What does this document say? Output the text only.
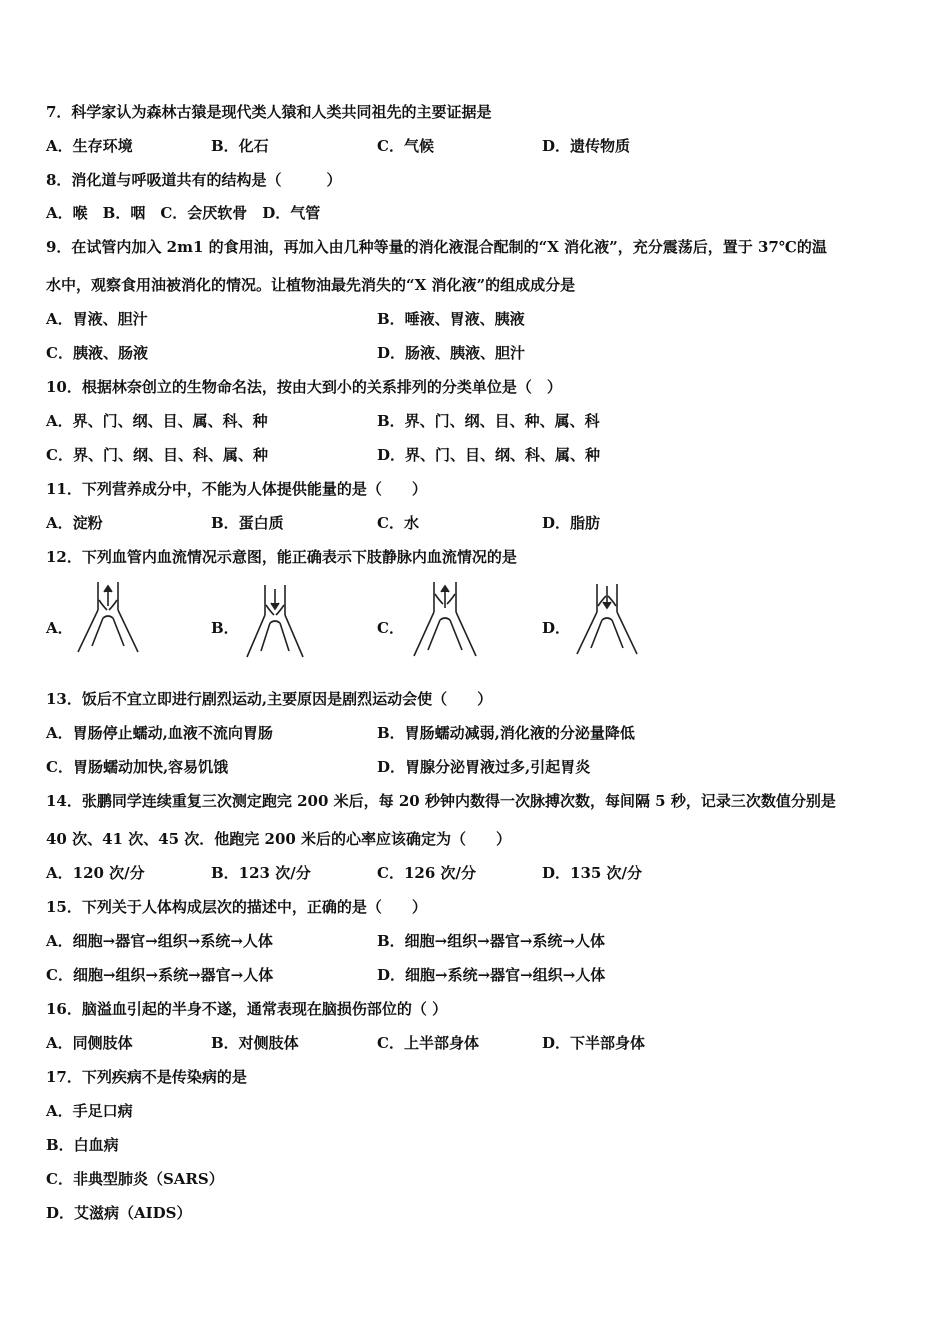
7．科学家认为森林古猿是现代类人猿和人类共同祖先的主要证据是
A．生存环境	B．化石	C．气候	D．遗传物质
8．消化道与呼吸道共有的结构是（　　　）
A．喉　B．咽　C．会厌软骨　D．气管
9．在试管内加入 2m1 的食用油，再加入由几种等量的消化液混合配制的“X 消化液”，充分震荡后，置于 37℃的温
水中，观察食用油被消化的情况。让植物油最先消失的“X 消化液”的组成成分是
A．胃液、胆汁	B．唾液、胃液、胰液
C．胰液、肠液	D．肠液、胰液、胆汁
10．根据林奈创立的生物命名法，按由大到小的关系排列的分类单位是（　）
A．界、门、纲、目、属、科、种	B．界、门、纲、目、种、属、科
C．界、门、纲、目、科、属、种	D．界、门、目、纲、科、属、种
11．下列营养成分中，不能为人体提供能量的是（　　）
A．淀粉	B．蛋白质	C．水	D．脂肪
12．下列血管内血流情况示意图，能正确表示下肢静脉内血流情况的是
A．	B．	C．	D．
13．饭后不宜立即进行剧烈运动,主要原因是剧烈运动会使（　　）
A．胃肠停止蠕动,血液不流向胃肠	B．胃肠蠕动减弱,消化液的分泌量降低
C．胃肠蠕动加快,容易饥饿	D．胃腺分泌胃液过多,引起胃炎
14．张鹏同学连续重复三次测定跑完 200 米后，每 20 秒钟内数得一次脉搏次数，每间隔 5 秒，记录三次数值分别是
40 次、41 次、45 次．他跑完 200 米后的心率应该确定为（　　）
A．120 次/分	B．123 次/分	C．126 次/分	D．135 次/分
15．下列关于人体构成层次的描述中，正确的是（　　）
A．细胞→器官→组织→系统→人体	B．细胞→组织→器官→系统→人体
C．细胞→组织→系统→器官→人体	D．细胞→系统→器官→组织→人体
16．脑溢血引起的半身不遂，通常表现在脑损伤部位的（ ）
A．同侧肢体	B．对侧肢体	C．上半部身体	D．下半部身体
17．下列疾病不是传染病的是
A．手足口病
B．白血病
C．非典型肺炎（SARS）
D．艾滋病（AIDS）
